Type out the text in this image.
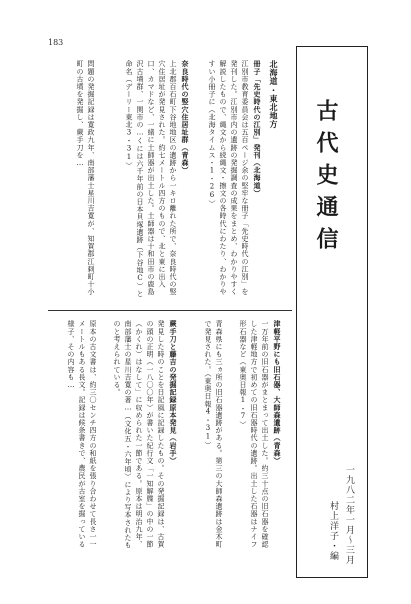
183
古代史通信
一九八二年一月〜三月
村上洋子・編
北海道・東北地方
冊子「先史時代の江別」発刊（北海道）
江別市教育委員会は五百ページ余の堅牢な冊子「先史時代の江別」を発刊した。江別市内の遺跡の発掘調査の成果をまとめ、わかりやすく解説したもので、縄文から続縄文・擦文の各時代にわたり、わかりやすい小冊子に（北海タイムス・1・26）
奈良時代の竪穴住居址群（青森）
上北郡百石町下谷地地区の遺跡から一キロ離れた所で、奈良時代の竪穴住居址が発見された。約七メートル四方のもので、北と東に出入口、カマドなど、一緒に土師器が出土した。土師器は十和田市の鹿島沢古墳群、一関市の…くには六千年前の日本貝塚遺跡（下谷地C）と命名（デーリー東北3・31）
問題の発掘記録は寛政九年、南部藩士星川吉寛が、知賀郡江刺町十小町の古墳を発掘し、蕨手刀を…
津軽平野にも旧石器、大師森遺跡（青森）
一万年前の旧石器がまとまって出土した。約三十点の旧石器を確認した津軽地方で初めての旧石器時代の遺跡。出土した石器はナイフ形石器など（東奥日報1・7）
青森県にも三ヵ所の旧石器遺跡がある。第三の大師森遺跡は金木町で発見された。（東奥日報4・31）
蕨手刀と藤吉の発掘記録原本発見（岩手）
発見した時のことを日記風に記録したもの。その発掘記録は、古賀の頭の正明（一八〇〇年）が書いた紀行文「一知解牒」の中の一節（かくれ）はなして」に収められた一節である。原本は明治九年、南部藩士の星川吉寛の著…（文化五・六年頃）により写本されたものと考えられている。
原本の古文書は、約三〇センチ四方の和紙を張り合わせて長さ一一メートルもある長文。記録は候条書きで、農民が古室を掘っている様子、その内容も…
